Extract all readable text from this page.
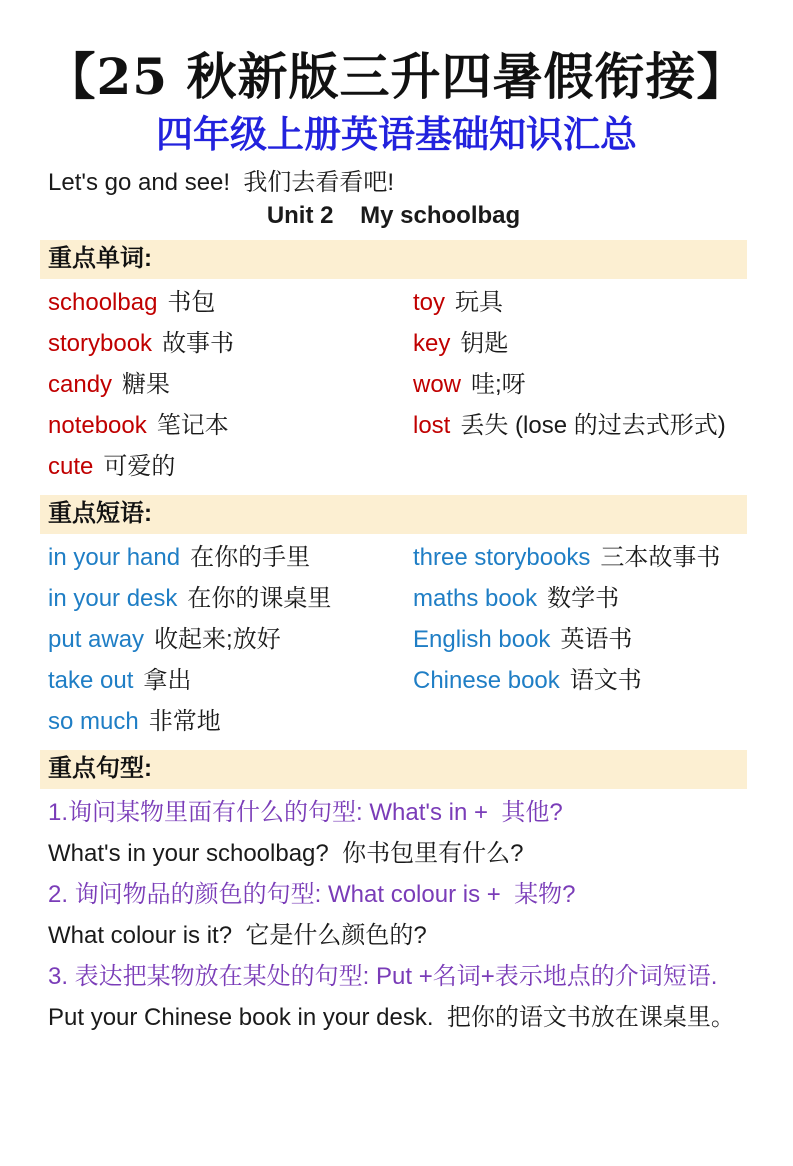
【25 秋新版三升四暑假衔接】
四年级上册英语基础知识汇总
Let's go and see!  我们去看看吧!
Unit 2    My schoolbag
重点单词:
schoolbag 书包	toy 玩具
storybook 故事书	key 钥匙
candy 糖果	wow 哇;呀
notebook 笔记本	lost 丢失 (lose 的过去式形式)
cute 可爱的
重点短语:
in your hand 在你的手里	three storybooks 三本故事书
in your desk 在你的课桌里	maths book 数学书
put away 收起来;放好	English book 英语书
take out 拿出	Chinese book 语文书
so much 非常地
重点句型:
1.询问某物里面有什么的句型: What's in +  其他?
What's in your schoolbag?  你书包里有什么?
2. 询问物品的颜色的句型: What colour is +  某物?
What colour is it?  它是什么颜色的?
3. 表达把某物放在某处的句型: Put +名词+表示地点的介词短语.
Put your Chinese book in your desk.  把你的语文书放在课桌里。
